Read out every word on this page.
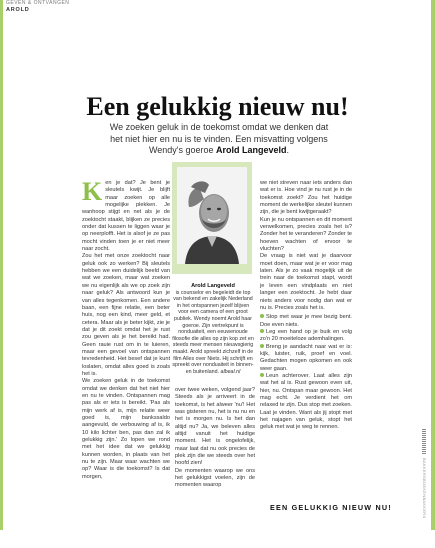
GEVEN & ONTVANGEN
AROLD
Een gelukkig nieuw nu!
We zoeken geluk in de toekomst omdat we denken dat
het niet hier en nu is te vinden. Een misvatting volgens
Wendy's goeroe Arold Langeveld.

Ken je dat? Je bent je sleutels kwijt. Je blijft maar zoeken op alle mogelijke plekken. Je wanhoop stijgt en net als je de zoektocht staakt, blijken ze precies onder dat kussen te liggen waar je op neerplofft. Het is alsof je ze pas mocht vinden toen je er niet meer naar zocht.

Zou het met onze zoektocht naar geluk ook zo werken? Bij sleutels hebben we een duidelijk beeld van wat we zoeken, maar wat zoeken we nu eigenlijk als we op zoek zijn naar geluk? Als antwoord kun je van alles tegenkomen. Een andere baan, een fijne relatie, een beter huis, nog een kind, meer geld, et cetera. Maar als je beter kijkt, zie je dat je dit zoekt omdat het je rust zou geven als je het bereikt had. Geen rauie rust om in te luieren, maar een gevoel van ontspannen tevredenheid. Het besef dat je kunt loslaten, omdat alles goed is zoals het is.

We zoeken geluk in de toekomst omdat we denken dat het niet hier en nu te vinden. Ontspannen mag pas als er iets is bereikt. 'Pas als mijn werk af is, mijn relatie weer goed is, mijn bankssaldo aangevuld, de verbouwing af is, ik 10 kilo lichter ben, pas dan zal ik gelukkig zijn.' Zo lopen we rond met het idee dat we gelukkig kunnen worden, in plaats van het nu te zijn. Maar waar wachten we op? Waar is die toekomst? Is dat morgen,

Arold Langeveld
is counselor en begeleidt de top van bekend en zakelijk Nederland in het ontspannen jezelf blijven voor een camera of een groot publiek. Wendy noemt Arold haar goeroe. Zijn vertrekpunt is nonduaiteit, een eeuwenoude filosofie die alles op zijn kop zet en steeds meer mensen nieuwsgierig maakt. Arold spreekt zichzelf in de film Alles over Niets. Hij schrijft en spreekt over nonduaiteit in binnen- en buitenland. albeal.nl

over twee weken, volgend jaar? Steeds als je arriveert in de toekomst, is het alweer 'nu'! Het was gisteren nu, het is nu nu en het is morgen nu. Is het dan altijd nu? Ja, we beleven alles altijd vanuit het huidige moment. Het is ongelofelijk, maar laat dat nu ook precies de plek zijn die we steeds over het hoofd zien!

De momenten waarop we ons het gelukkigst voelen, zijn de momenten waarop

we niet streven naar iets anders dan wat er is. Hoe vind je nu rust je in de toekomst zoekt? Zou het huidige moment de werkelijke sleutel kunnen zijn, die je bent kwijtgeraakt?

Kun je nu ontspannen en dit moment verwelkomen, precies zoals het is? Zonder het te veranderen? Zonder te hoeven wachten of ervoor te vluchten?

De vraag is niet wat je daarvoor moet doen, maar wat je er voor mag laten. Als je zo vaak mogelijk uit de trein naar de toekomst stapt, wordt je leven een vindplaats en niet langer een zoektocht. Je hebt daar niets anders voor nodig dan wat er nu is. Precies zoals het is.

Stop met waar je mee bezig bent. Doe even niets.

Leg een hand op je buik en volg zo'n 20 moeiteloze ademhalingen.

Breng je aandacht naar wat er is: kijk, luister, ruik, proef en voel. Gedachten mogen opkomen en ook weer gaan.

Leun achterover. Laat alles zijn wat het al is. Rust gewoon even uit, hier, nu. Ontspan maar gewoon. Het mag echt. Je verdient het om relaxed te zijn. Dus stop met zoeken. Laat je vinden. Want als jij stopt met het najagen van geluk, stopt het geluk met wat je weg te rennen.

EEN GELUKKIG NIEUW NU!	BAKKERSBOEKENBAKKERS
